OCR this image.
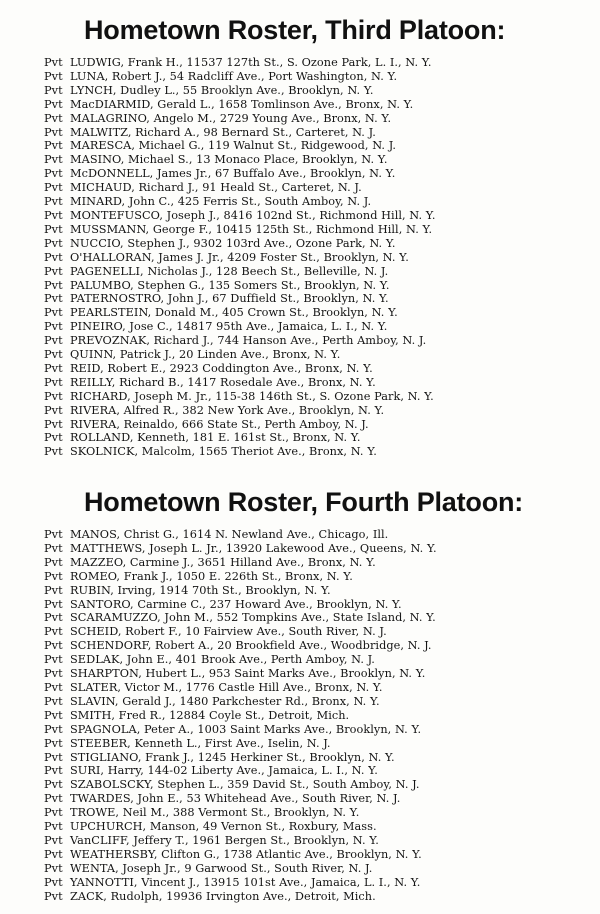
Hometown Roster, Third Platoon:
Pvt LUDWIG, Frank H., 11537 127th St., S. Ozone Park, L. I., N. Y.
Pvt LUNA, Robert J., 54 Radcliff Ave., Port Washington, N. Y.
Pvt LYNCH, Dudley L., 55 Brooklyn Ave., Brooklyn, N. Y.
Pvt MacDIARMID, Gerald L., 1658 Tomlinson Ave., Bronx, N. Y.
Pvt MALAGRINO, Angelo M., 2729 Young Ave., Bronx, N. Y.
Pvt MALWITZ, Richard A., 98 Bernard St., Carteret, N. J.
Pvt MARESCA, Michael G., 119 Walnut St., Ridgewood, N. J.
Pvt MASINO, Michael S., 13 Monaco Place, Brooklyn, N. Y.
Pvt McDONNELL, James Jr., 67 Buffalo Ave., Brooklyn, N. Y.
Pvt MICHAUD, Richard J., 91 Heald St., Carteret, N. J.
Pvt MINARD, John C., 425 Ferris St., South Amboy, N. J.
Pvt MONTEFUSCO, Joseph J., 8416 102nd St., Richmond Hill, N. Y.
Pvt MUSSMANN, George F., 10415 125th St., Richmond Hill, N. Y.
Pvt NUCCIO, Stephen J., 9302 103rd Ave., Ozone Park, N. Y.
Pvt O'HALLORAN, James J. Jr., 4209 Foster St., Brooklyn, N. Y.
Pvt PAGENELLI, Nicholas J., 128 Beech St., Belleville, N. J.
Pvt PALUMBO, Stephen G., 135 Somers St., Brooklyn, N. Y.
Pvt PATERNOSTRO, John J., 67 Duffield St., Brooklyn, N. Y.
Pvt PEARLSTEIN, Donald M., 405 Crown St., Brooklyn, N. Y.
Pvt PINEIRO, Jose C., 14817 95th Ave., Jamaica, L. I., N. Y.
Pvt PREVOZNAK, Richard J., 744 Hanson Ave., Perth Amboy, N. J.
Pvt QUINN, Patrick J., 20 Linden Ave., Bronx, N. Y.
Pvt REID, Robert E., 2923 Coddington Ave., Bronx, N. Y.
Pvt REILLY, Richard B., 1417 Rosedale Ave., Bronx, N. Y.
Pvt RICHARD, Joseph M. Jr., 115-38 146th St., S. Ozone Park, N. Y.
Pvt RIVERA, Alfred R., 382 New York Ave., Brooklyn, N. Y.
Pvt RIVERA, Reinaldo, 666 State St., Perth Amboy, N. J.
Pvt ROLLAND, Kenneth, 181 E. 161st St., Bronx, N. Y.
Pvt SKOLNICK, Malcolm, 1565 Theriot Ave., Bronx, N. Y.
Hometown Roster, Fourth Platoon:
Pvt MANOS, Christ G., 1614 N. Newland Ave., Chicago, Ill.
Pvt MATTHEWS, Joseph L. Jr., 13920 Lakewood Ave., Queens, N. Y.
Pvt MAZZEO, Carmine J., 3651 Hilland Ave., Bronx, N. Y.
Pvt ROMEO, Frank J., 1050 E. 226th St., Bronx, N. Y.
Pvt RUBIN, Irving, 1914 70th St., Brooklyn, N. Y.
Pvt SANTORO, Carmine C., 237 Howard Ave., Brooklyn, N. Y.
Pvt SCARAMUZZO, John M., 552 Tompkins Ave., State Island, N. Y.
Pvt SCHEID, Robert F., 10 Fairview Ave., South River, N. J.
Pvt SCHENDORF, Robert A., 20 Brookfield Ave., Woodbridge, N. J.
Pvt SEDLAK, John E., 401 Brook Ave., Perth Amboy, N. J.
Pvt SHARPTON, Hubert L., 953 Saint Marks Ave., Brooklyn, N. Y.
Pvt SLATER, Victor M., 1776 Castle Hill Ave., Bronx, N. Y.
Pvt SLAVIN, Gerald J., 1480 Parkchester Rd., Bronx, N. Y.
Pvt SMITH, Fred R., 12884 Coyle St., Detroit, Mich.
Pvt SPAGNOLA, Peter A., 1003 Saint Marks Ave., Brooklyn, N. Y.
Pvt STEEBER, Kenneth L., First Ave., Iselin, N. J.
Pvt STIGLIANO, Frank J., 1245 Herkiner St., Brooklyn, N. Y.
Pvt SURI, Harry, 144-02 Liberty Ave., Jamaica, L. I., N. Y.
Pvt SZABOLSCKY, Stephen L., 359 David St., South Amboy, N. J.
Pvt TWARDES, John E., 53 Whitehead Ave., South River, N. J.
Pvt TROWE, Neil M., 388 Vermont St., Brooklyn, N. Y.
Pvt UPCHURCH, Manson, 49 Vernon St., Roxbury, Mass.
Pvt VanCLIFF, Jeffery T., 1961 Bergen St., Brooklyn, N. Y.
Pvt WEATHERSBY, Clifton G., 1738 Atlantic Ave., Brooklyn, N. Y.
Pvt WENTA, Joseph Jr., 9 Garwood St., South River, N. J.
Pvt YANNOTTI, Vincent J., 13915 101st Ave., Jamaica, L. I., N. Y.
Pvt ZACK, Rudolph, 19936 Irvington Ave., Detroit, Mich.
